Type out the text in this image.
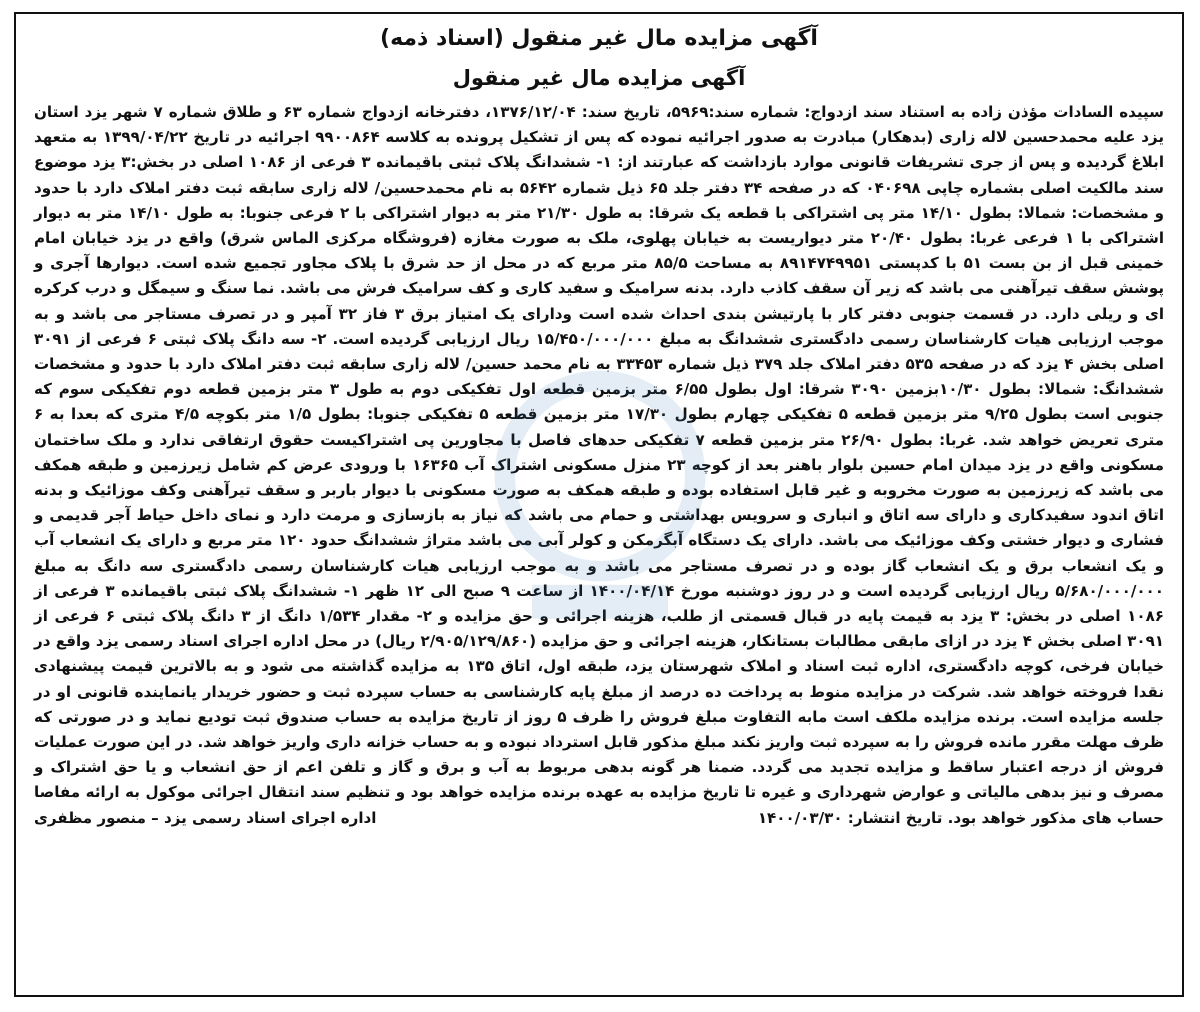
آگهی مزایده مال غیر منقول (اسناد ذمه)
آگهی مزایده مال غیر منقول

سپیده السادات مؤذن زاده به استناد سند ازدواج: شماره سند:۵۹۶۹، تاریخ سند: ۱۳۷۶/۱۲/۰۴، دفترخانه ازدواج شماره ۶۳ و طلاق شماره ۷ شهر یزد استان یزد علیه محمدحسین لاله زاری (بدهکار) مبادرت به صدور اجرائیه نموده که پس از تشکیل پرونده به کلاسه ۹۹۰۰۸۶۴ اجرائیه در تاریخ ۱۳۹۹/۰۴/۲۲ به متعهد ابلاغ گردیده و پس از جری تشریفات قانونی موارد بازداشت که عبارتند از: ۱- ششدانگ پلاک ثبتی باقیمانده ۳ فرعی از ۱۰۸۶ اصلی در بخش:۳ یزد موضوع سند مالکیت اصلی بشماره چاپی ۰۴۰۶۹۸ که در صفحه ۳۴ دفتر جلد ۶۵ ذیل شماره ۵۶۴۲ به نام محمدحسین/ لاله زاری سابقه ثبت دفتر املاک دارد با حدود و مشخصات: شمالا: بطول ۱۴/۱۰ متر پی اشتراکی با قطعه یک شرقا: به طول ۲۱/۳۰ متر به دیوار اشتراکی با ۲ فرعی جنوبا: به طول ۱۴/۱۰ متر به دیوار اشتراکی با ۱ فرعی غربا: بطول ۲۰/۴۰ متر دیواریست به خیابان پهلوی، ملک به صورت مغازه (فروشگاه مرکزی الماس شرق) واقع در یزد خیابان امام خمینی قبل از بن بست ۵۱ با کدپستی ۸۹۱۴۷۴۹۹۵۱ به مساحت ۸۵/۵ متر مربع که در محل از حد شرق با پلاک مجاور تجمیع شده است. دیوارها آجری و پوشش سقف تیرآهنی می باشد که زیر آن سقف کاذب دارد. بدنه سرامیک و سفید کاری و کف سرامیک فرش می باشد. نما سنگ و سیمگل و درب کرکره ای و ریلی دارد. در قسمت جنوبی دفتر کار با پارتیشن بندی احداث شده است ودارای یک امتیاز برق ۳ فاز ۳۲ آمپر و در تصرف مستاجر می باشد و به موجب ارزیابی هیات کارشناسان رسمی دادگستری ششدانگ به مبلغ ۱۵/۴۵۰/۰۰۰/۰۰۰ ریال ارزیابی گردیده است. ۲- سه دانگ پلاک ثبتی ۶ فرعی از ۳۰۹۱ اصلی بخش ۴ یزد که در صفحه ۵۳۵ دفتر املاک جلد ۳۷۹ ذیل شماره ۳۳۴۵۳ به نام محمد حسین/ لاله زاری سابقه ثبت دفتر املاک دارد با حدود و مشخصات ششدانگ: شمالا: بطول ۱۰/۳۰بزمین ۳۰۹۰ شرقا: اول بطول ۶/۵۵ متر بزمین قطعه اول تفکیکی دوم به طول ۳ متر بزمین قطعه دوم تفکیکی سوم که جنوبی است بطول ۹/۲۵ متر بزمین قطعه ۵ تفکیکی چهارم بطول ۱۷/۳۰ متر بزمین قطعه ۵ تفکیکی جنوبا: بطول ۱/۵ متر بکوچه ۴/۵ متری که بعدا به ۶ متری تعریض خواهد شد. غربا: بطول ۲۶/۹۰ متر بزمین قطعه ۷ تفکیکی حدهای فاصل با مجاورین پی اشتراکیست حقوق ارتفاقی ندارد و ملک ساختمان مسکونی واقع در یزد میدان امام حسین بلوار باهنر بعد از کوچه ۲۳ منزل مسکونی اشتراک آب ۱۶۳۶۵ با ورودی عرض کم شامل زیرزمین و طبقه همکف می باشد که زیرزمین به صورت مخروبه و غیر قابل استفاده بوده و طبقه همکف به صورت مسکونی با دیوار باربر و سقف تیرآهنی وکف موزائیک و بدنه اتاق اندود سفیدکاری و دارای سه اتاق و انباری و سرویس بهداشتی و حمام می باشد که نیاز به بازسازی و مرمت دارد و نمای داخل حیاط آجر قدیمی و فشاری و دیوار خشتی وکف موزائیک می باشد. دارای یک دستگاه آبگرمکن و کولر آبی می باشد متراژ ششدانگ حدود ۱۲۰ متر مربع و دارای یک انشعاب آب و یک انشعاب برق و یک انشعاب گاز بوده و در تصرف مستاجر می باشد و به موجب ارزیابی هیات کارشناسان رسمی دادگستری سه دانگ به مبلغ ۵/۶۸۰/۰۰۰/۰۰۰ ریال ارزیابی گردیده است و در روز دوشنبه مورخ ۱۴۰۰/۰۴/۱۴ از ساعت ۹ صبح الی ۱۲ ظهر ۱- ششدانگ پلاک ثبتی باقیمانده ۳ فرعی از ۱۰۸۶ اصلی در بخش: ۳ یزد به قیمت پایه در قبال قسمتی از طلب، هزینه اجرائی و حق مزایده و ۲- مقدار ۱/۵۳۴ دانگ از ۳ دانگ پلاک ثبتی ۶ فرعی از ۳۰۹۱ اصلی بخش ۴ یزد در ازای مابقی مطالبات بستانکار، هزینه اجرائی و حق مزایده (۲/۹۰۵/۱۲۹/۸۶۰ ریال) در محل اداره اجرای اسناد رسمی یزد واقع در خیابان فرخی، کوچه دادگستری، اداره ثبت اسناد و املاک شهرستان یزد، طبقه اول، اتاق ۱۳۵ به مزایده گذاشته می شود و به بالاترین قیمت پیشنهادی نقدا فروخته خواهد شد. شرکت در مزایده منوط به پرداخت ده درصد از مبلغ پایه کارشناسی به حساب سپرده ثبت و حضور خریدار یانماینده قانونی او در جلسه مزایده است. برنده مزایده ملکف است مابه التفاوت مبلغ فروش را ظرف ۵ روز از تاریخ مزایده به حساب صندوق ثبت تودیع نماید و در صورتی که ظرف مهلت مقرر مانده فروش را به سپرده ثبت واریز نکند مبلغ مذکور قابل استرداد نبوده و به حساب خزانه داری واریز خواهد شد. در این صورت عملیات فروش از درجه اعتبار ساقط و مزایده تجدید می گردد. ضمنا هر گونه بدهی مربوط به آب و برق و گاز و تلفن اعم از حق انشعاب و یا حق اشتراک و مصرف و نیز بدهی مالیاتی و عوارض شهرداری و غیره تا تاریخ مزایده به عهده برنده مزایده خواهد بود و تنظیم سند انتقال اجرائی موکول به ارائه مفاصا حساب های مذکور خواهد بود. تاریخ انتشار: ۱۴۰۰/۰۳/۳۰
اداره اجرای اسناد رسمی یزد – منصور مظفری
